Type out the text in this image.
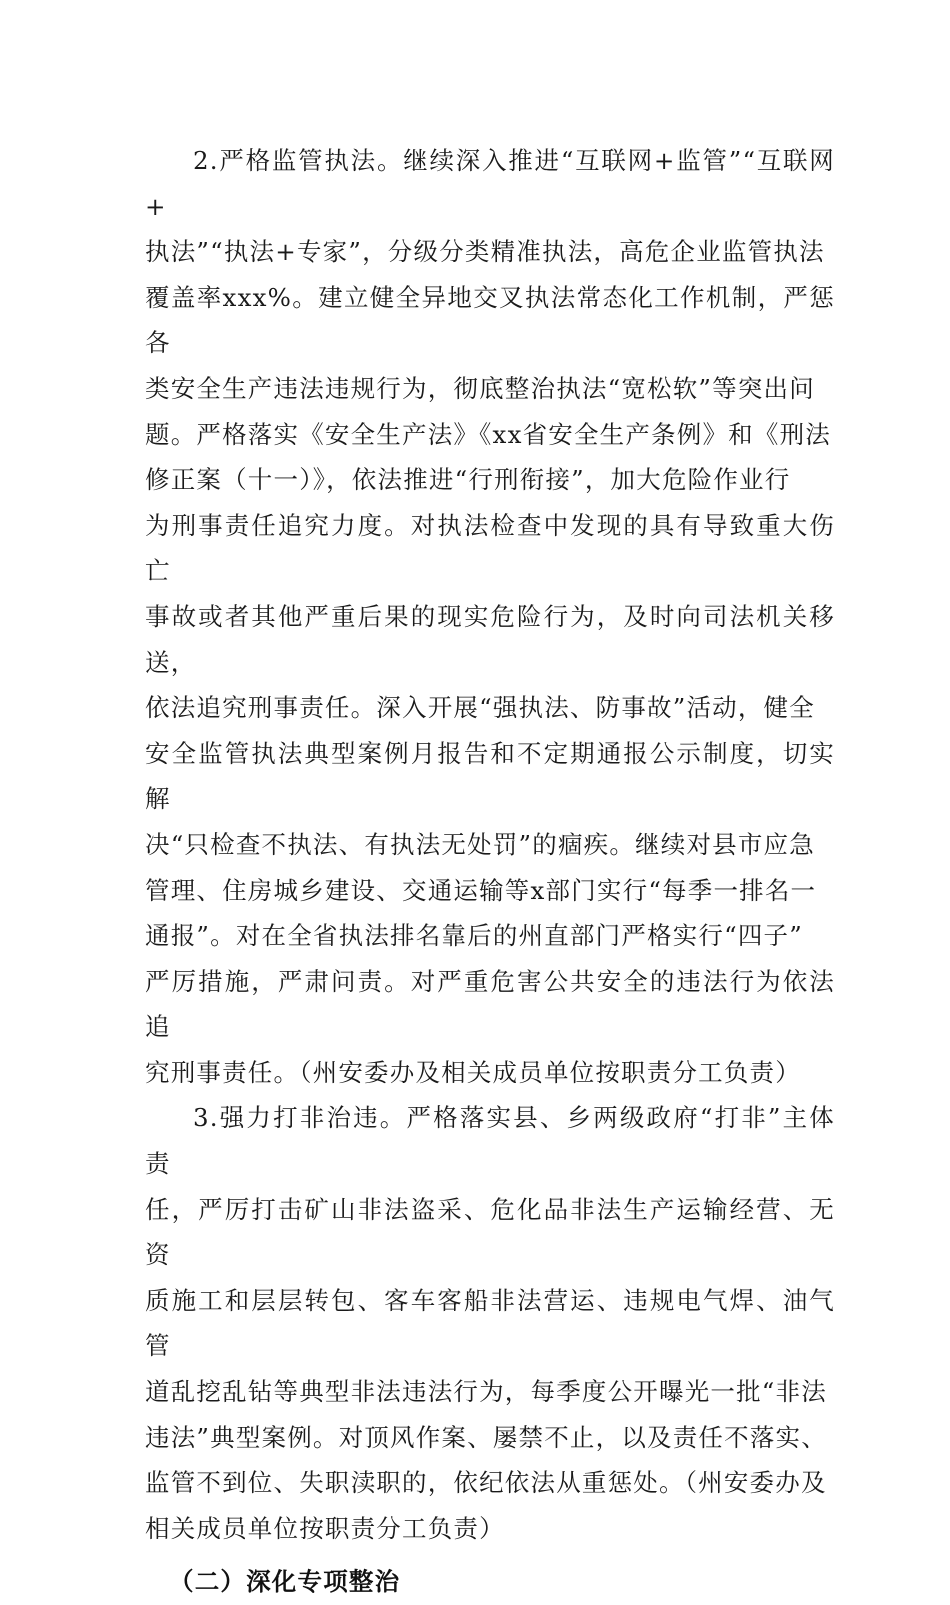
2.严格监管执法。继续深入推进“互联网+监管”“互联网+
执法”“执法+专家”，分级分类精准执法，高危企业监管执法
覆盖率xxx%。建立健全异地交叉执法常态化工作机制，严惩各
类安全生产违法违规行为，彻底整治执法“宽松软”等突出问
题。严格落实《安全生产法》《xx省安全生产条例》和《刑法
修正案（十一）》，依法推进“行刑衔接”，加大危险作业行
为刑事责任追究力度。对执法检查中发现的具有导致重大伤亡
事故或者其他严重后果的现实危险行为，及时向司法机关移送，
依法追究刑事责任。深入开展“强执法、防事故”活动，健全
安全监管执法典型案例月报告和不定期通报公示制度，切实解
决“只检查不执法、有执法无处罚”的痼疾。继续对县市应急
管理、住房城乡建设、交通运输等x部门实行“每季一排名一
通报”。对在全省执法排名靠后的州直部门严格实行“四子”
严厉措施，严肃问责。对严重危害公共安全的违法行为依法追
究刑事责任。（州安委办及相关成员单位按职责分工负责）

3.强力打非治违。严格落实县、乡两级政府“打非”主体责
任，严厉打击矿山非法盗采、危化品非法生产运输经营、无资
质施工和层层转包、客车客船非法营运、违规电气焊、油气管
道乱挖乱钻等典型非法违法行为，每季度公开曝光一批“非法
违法”典型案例。对顶风作案、屡禁不止，以及责任不落实、
监管不到位、失职渎职的，依纪依法从重惩处。（州安委办及
相关成员单位按职责分工负责）

（二）深化专项整治
